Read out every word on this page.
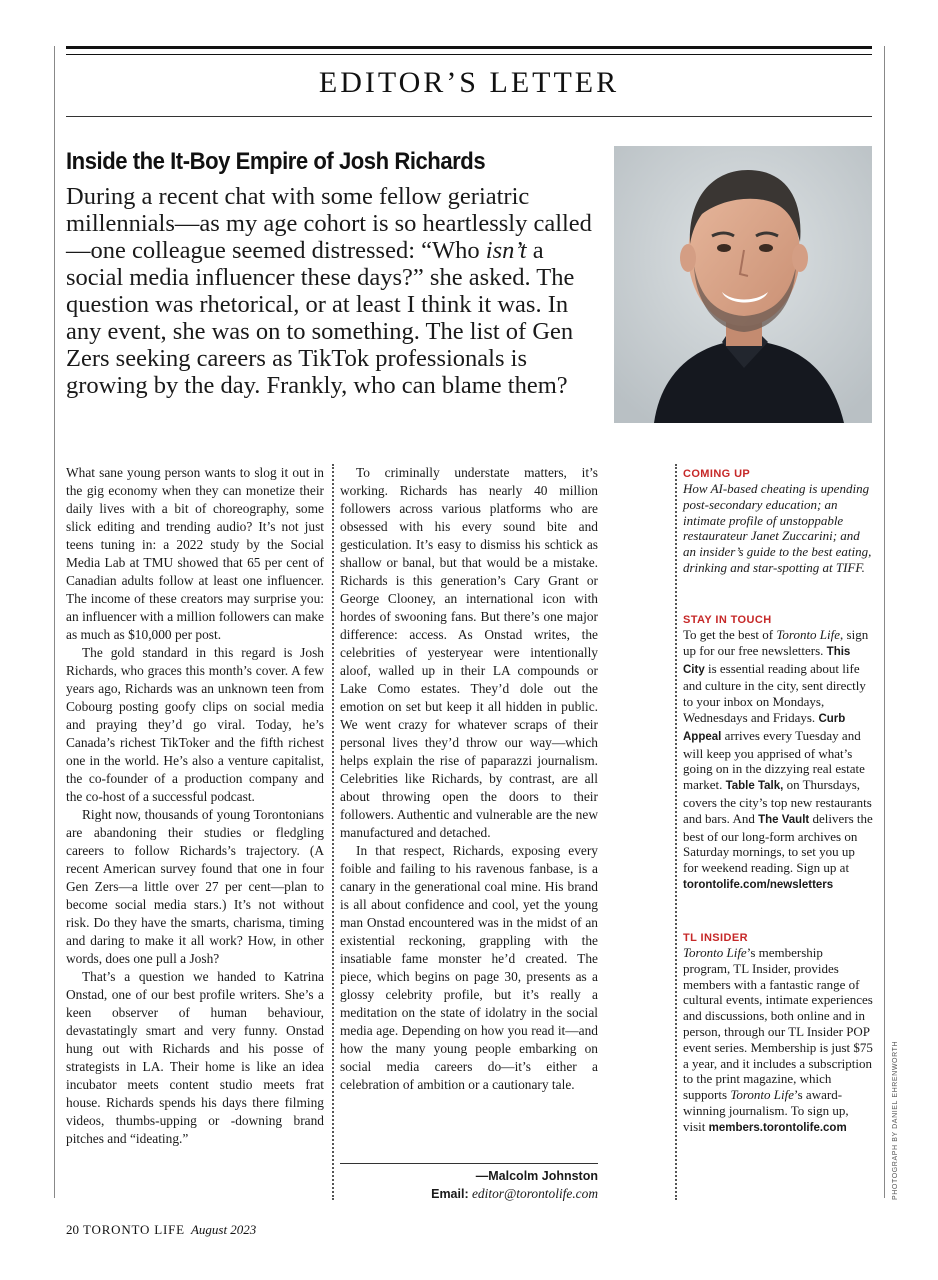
EDITOR’S LETTER
Inside the It-Boy Empire of Josh Richards
During a recent chat with some fellow geriatric millennials—as my age cohort is so heartlessly called—one colleague seemed distressed: “Who isn’t a social media influencer these days?” she asked. The question was rhetorical, or at least I think it was. In any event, she was on to something. The list of Gen Zers seeking careers as TikTok professionals is growing by the day. Frankly, who can blame them?

What sane young person wants to slog it out in the gig economy when they can monetize their daily lives with a bit of choreography, some slick editing and trending audio? It’s not just teens tuning in: a 2022 study by the Social Media Lab at TMU showed that 65 per cent of Canadian adults follow at least one influencer. The income of these creators may surprise you: an influencer with a million followers can make as much as $10,000 per post.

The gold standard in this regard is Josh Richards, who graces this month’s cover. A few years ago, Richards was an unknown teen from Cobourg posting goofy clips on social media and praying they’d go viral. Today, he’s Canada’s richest TikToker and the fifth richest one in the world. He’s also a venture capitalist, the co-founder of a production company and the co-host of a successful podcast.

Right now, thousands of young Torontonians are abandoning their studies or fledgling careers to follow Richards’s trajectory. (A recent American survey found that one in four Gen Zers—a little over 27 per cent—plan to become social media stars.) It’s not without risk. Do they have the smarts, charisma, timing and daring to make it all work? How, in other words, does one pull a Josh?

That’s a question we handed to Katrina Onstad, one of our best profile writers. She’s a keen observer of human behaviour, devastatingly smart and very funny. Onstad hung out with Richards and his posse of strategists in LA. Their home is like an idea incubator meets content studio meets frat house. Richards spends his days there filming videos, thumbs-upping or -downing brand pitches and “ideating.”

To criminally understate matters, it’s working. Richards has nearly 40 million followers across various platforms who are obsessed with his every sound bite and gesticulation. It’s easy to dismiss his schtick as shallow or banal, but that would be a mistake. Richards is this generation’s Cary Grant or George Clooney, an international icon with hordes of swooning fans. But there’s one major difference: access. As Onstad writes, the celebrities of yesteryear were intentionally aloof, walled up in their LA compounds or Lake Como estates. They’d dole out the emotion on set but keep it all hidden in public. We went crazy for whatever scraps of their personal lives they’d throw our way—which helps explain the rise of paparazzi journalism. Celebrities like Richards, by contrast, are all about throwing open the doors to their followers. Authentic and vulnerable are the new manufactured and detached.

In that respect, Richards, exposing every foible and failing to his ravenous fanbase, is a canary in the generational coal mine. His brand is all about confidence and cool, yet the young man Onstad encountered was in the midst of an existential reckoning, grappling with the insatiable fame monster he’d created. The piece, which begins on page 30, presents as a glossy celebrity profile, but it’s really a meditation on the state of idolatry in the social media age. Depending on how you read it—and how the many young people embarking on social media careers do—it’s either a celebration of ambition or a cautionary tale.

—Malcolm Johnston
Email: editor@torontolife.com
COMING UP
How AI-based cheating is upending post-secondary education; an intimate profile of unstoppable restaurateur Janet Zuccarini; and an insider’s guide to the best eating, drinking and star-spotting at TIFF.
STAY IN TOUCH
To get the best of Toronto Life, sign up for our free newsletters. This City is essential reading about life and culture in the city, sent directly to your inbox on Mondays, Wednesdays and Fridays. Curb Appeal arrives every Tuesday and will keep you apprised of what’s going on in the dizzying real estate market. Table Talk, on Thursdays, covers the city’s top new restaurants and bars. And The Vault delivers the best of our long-form archives on Saturday mornings, to set you up for weekend reading. Sign up at torontolife.com/newsletters
TL INSIDER
Toronto Life’s membership program, TL Insider, provides members with a fantastic range of cultural events, intimate experiences and discussions, both online and in person, through our TL Insider POP event series. Membership is just $75 a year, and it includes a subscription to the print magazine, which supports Toronto Life’s award-winning journalism. To sign up, visit members.torontolife.com	PHOTOGRAPH BY DANIEL EHRENWORTH
20 TORONTO LIFE August 2023
